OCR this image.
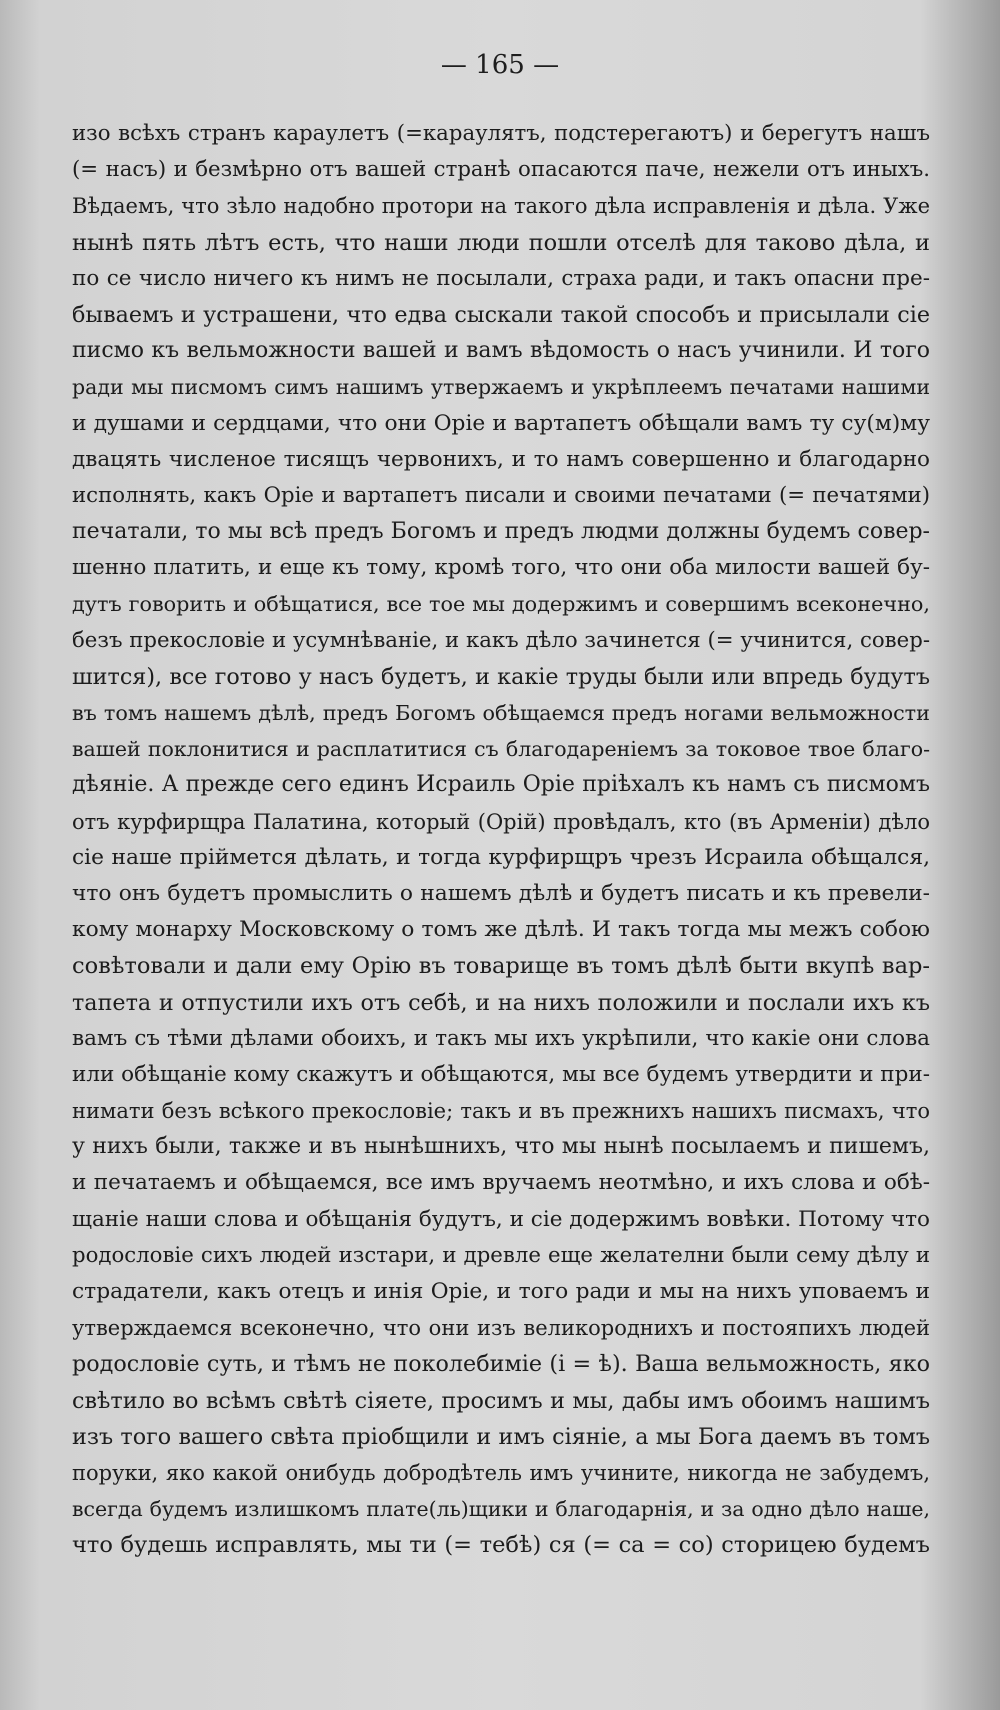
— 165 —
изо всѣхъ странъ караулетъ (=караулятъ, подстерегаютъ) и берегутъ нашъ
(= насъ) и безмѣрно отъ вашей странѣ опасаются паче, нежели отъ иныхъ.
Вѣдаемъ, что зѣло надобно протори на такого дѣла исправленія и дѣла. Уже
нынѣ пять лѣтъ есть, что наши люди пошли отселѣ для таково дѣла, и
по се число ничего къ нимъ не посылали, страха ради, и такъ опасни пре-
бываемъ и устрашени, что едва сыскали такой способъ и присылали сіе
писмо къ вельможности вашей и вамъ вѣдомость о насъ учинили. И того
ради мы писмомъ симъ нашимъ утвержаемъ и укрѣплеемъ печатами нашими
и душами и сердцами, что они Оріе и вартапетъ обѣщали вамъ ту су(м)му
двацять численое тисящъ червонихъ, и то намъ совершенно и благодарно
исполнять, какъ Оріе и вартапетъ писали и своими печатами (= печатями)
печатали, то мы всѣ предъ Богомъ и предъ людми должны будемъ совер-
шенно платить, и еще къ тому, кромѣ того, что они оба милости вашей бу-
дутъ говорить и обѣщатися, все тое мы додержимъ и совершимъ всеконечно,
безъ прекословіе и усумнѣваніе, и какъ дѣло зачинется (= учинится, совер-
шится), все готово у насъ будетъ, и какіе труды были или впредь будутъ
въ томъ нашемъ дѣлѣ, предъ Богомъ обѣщаемся предъ ногами вельможности
вашей поклонитися и расплатитися съ благодареніемъ за токовое твое благо-
дѣяніе. А прежде сего единъ Исраиль Оріе пріѣхалъ къ намъ съ писмомъ
отъ курфирщра Палатина, который (Орій) провѣдалъ, кто (въ Арменіи) дѣло
сіе наше пріймется дѣлать, и тогда курфирщръ чрезъ Исраила обѣщался,
что онъ будетъ промыслить о нашемъ дѣлѣ и будетъ писать и къ превели-
кому монарху Московскому о томъ же дѣлѣ. И такъ тогда мы межъ собою
совѣтовали и дали ему Орію въ товарище въ томъ дѣлѣ быти вкупѣ вар-
тапета и отпустили ихъ отъ себѣ, и на нихъ положили и послали ихъ къ
вамъ съ тѣми дѣлами обоихъ, и такъ мы ихъ укрѣпили, что какіе они слова
или обѣщаніе кому скажутъ и обѣщаются, мы все будемъ утвердити и при-
нимати безъ всѣкого прекословіе; такъ и въ прежнихъ нашихъ писмахъ, что
у нихъ были, также и въ нынѣшнихъ, что мы нынѣ посылаемъ и пишемъ,
и печатаемъ и обѣщаемся, все имъ вручаемъ неотмѣно, и ихъ слова и обѣ-
щаніе наши слова и обѣщанія будутъ, и сіе додержимъ вовѣки. Потому что
родословіе сихъ людей изстари, и древле еще желателни были сему дѣлу и
страдатели, какъ отецъ и инія Оріе, и того ради и мы на нихъ уповаемъ и
утверждаемся всеконечно, что они изъ великороднихъ и постояпихъ людей
родословіе суть, и тѣмъ не поколебиміе (і = ѣ). Ваша вельможность, яко
свѣтило во всѣмъ свѣтѣ сіяете, просимъ и мы, дабы имъ обоимъ нашимъ
изъ того вашего свѣта пріобщили и имъ сіяніе, а мы Бога даемъ въ томъ
поруки, яко какой онибудь добродѣтель имъ учините, никогда не забудемъ,
всегда будемъ излишкомъ плате(ль)щики и благодарнія, и за одно дѣло наше,
что будешь исправлять, мы ти (= тебѣ) ся (= са = со) сторицею будемъ
